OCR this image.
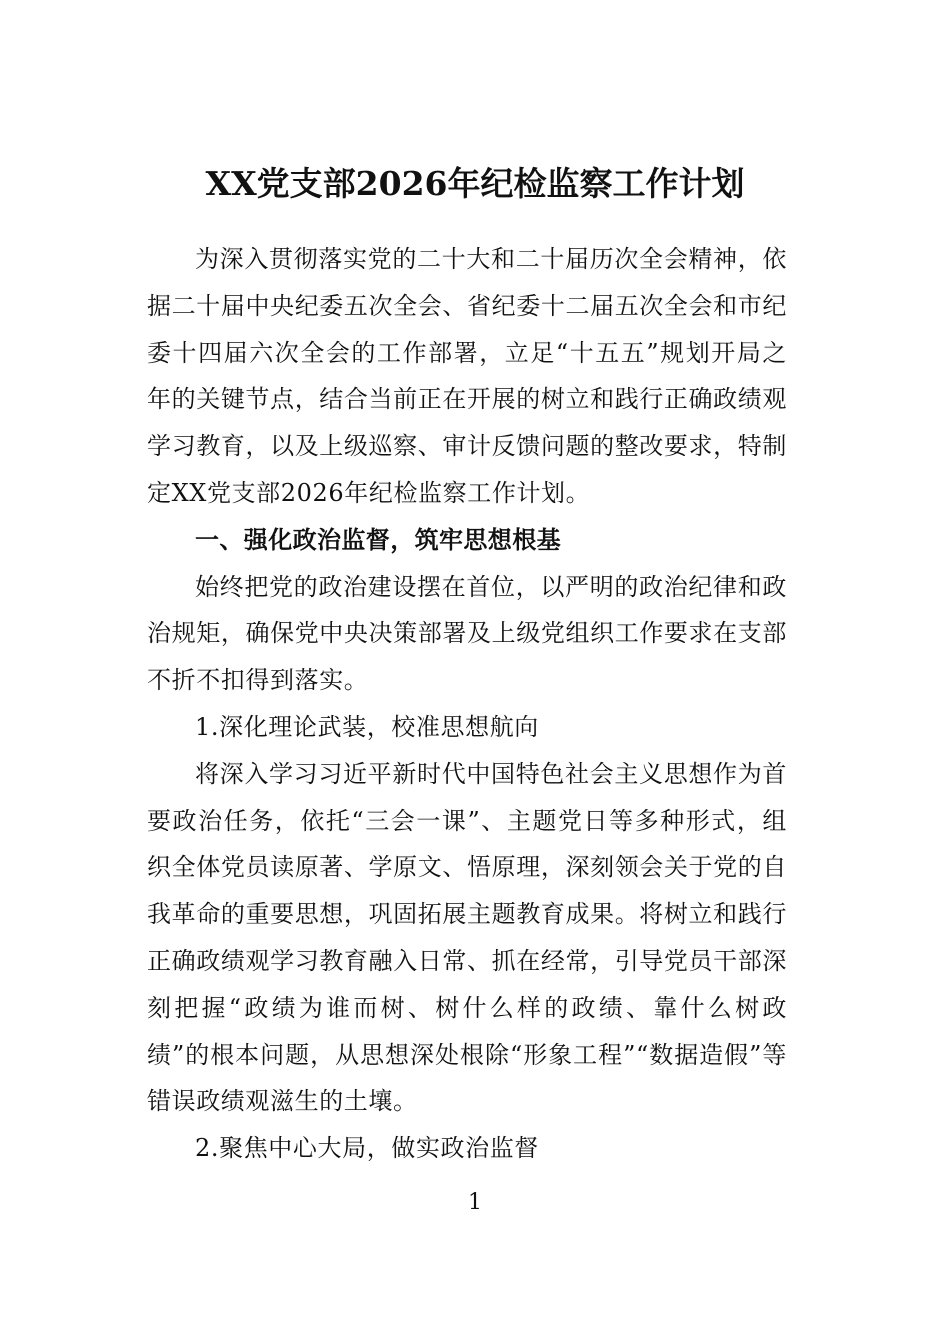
XX党支部2026年纪检监察工作计划

为深入贯彻落实党的二十大和二十届历次全会精神，依据二十届中央纪委五次全会、省纪委十二届五次全会和市纪委十四届六次全会的工作部署，立足“十五五”规划开局之年的关键节点，结合当前正在开展的树立和践行正确政绩观学习教育，以及上级巡察、审计反馈问题的整改要求，特制定XX党支部2026年纪检监察工作计划。

一、强化政治监督，筑牢思想根基

始终把党的政治建设摆在首位，以严明的政治纪律和政治规矩，确保党中央决策部署及上级党组织工作要求在支部不折不扣得到落实。

1.深化理论武装，校准思想航向

将深入学习习近平新时代中国特色社会主义思想作为首要政治任务，依托“三会一课”、主题党日等多种形式，组织全体党员读原著、学原文、悟原理，深刻领会关于党的自我革命的重要思想，巩固拓展主题教育成果。将树立和践行正确政绩观学习教育融入日常、抓在经常，引导党员干部深刻把握“政绩为谁而树、树什么样的政绩、靠什么树政绩”的根本问题，从思想深处根除“形象工程”“数据造假”等错误政绩观滋生的土壤。

2.聚焦中心大局，做实政治监督

1
